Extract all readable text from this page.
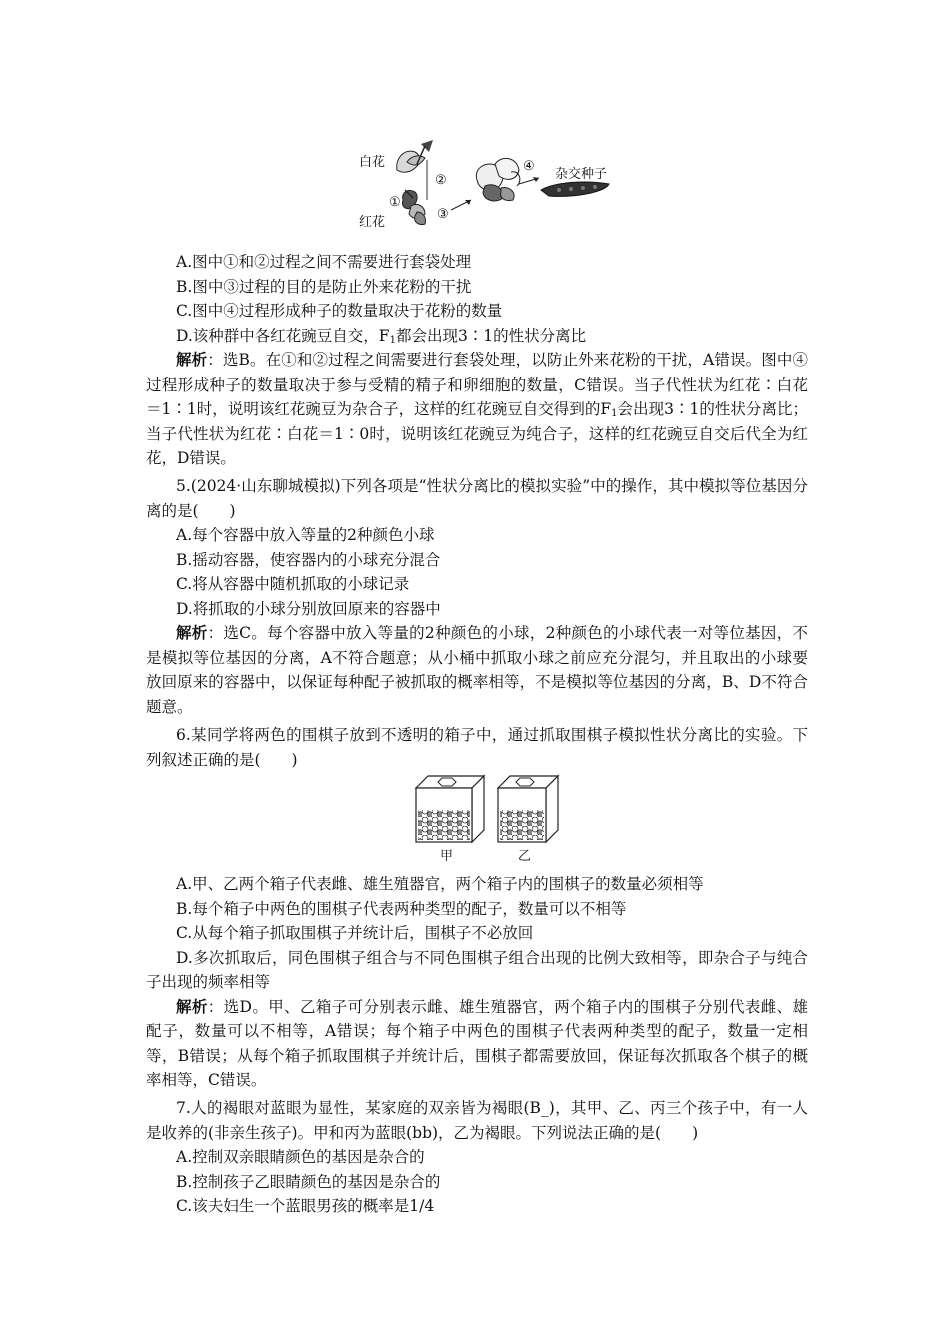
白花
红花
②
①
③
④
杂交种子

A.图中①和②过程之间不需要进行套袋处理

B.图中③过程的目的是防止外来花粉的干扰

C.图中④过程形成种子的数量取决于花粉的数量

D.该种群中各红花豌豆自交，$F_1$都会出现3∶1的性状分离比

解析：选B。在①和②过程之间需要进行套袋处理，以防止外来花粉的干扰，A错误。图中④过程形成种子的数量取决于参与受精的精子和卵细胞的数量，C错误。当子代性状为红花∶白花＝1∶1时，说明该红花豌豆为杂合子，这样的红花豌豆自交得到的$F_1$会出现3∶1的性状分离比；当子代性状为红花∶白花＝1∶0时，说明该红花豌豆为纯合子，这样的红花豌豆自交后代全为红花，D错误。

5.(2024·山东聊城模拟)下列各项是“性状分离比的模拟实验”中的操作，其中模拟等位基因分离的是(　　)

A.每个容器中放入等量的2种颜色小球

B.摇动容器，使容器内的小球充分混合

C.将从容器中随机抓取的小球记录

D.将抓取的小球分别放回原来的容器中

解析：选C。每个容器中放入等量的2种颜色的小球，2种颜色的小球代表一对等位基因，不是模拟等位基因的分离，A不符合题意；从小桶中抓取小球之前应充分混匀，并且取出的小球要放回原来的容器中，以保证每种配子被抓取的概率相等，不是模拟等位基因的分离，B、D不符合题意。

6.某同学将两色的围棋子放到不透明的箱子中，通过抓取围棋子模拟性状分离比的实验。下列叙述正确的是(　　)

甲	乙

A.甲、乙两个箱子代表雌、雄生殖器官，两个箱子内的围棋子的数量必须相等

B.每个箱子中两色的围棋子代表两种类型的配子，数量可以不相等

C.从每个箱子抓取围棋子并统计后，围棋子不必放回

D.多次抓取后，同色围棋子组合与不同色围棋子组合出现的比例大致相等，即杂合子与纯合子出现的频率相等

解析：选D。甲、乙箱子可分别表示雌、雄生殖器官，两个箱子内的围棋子分别代表雌、雄配子，数量可以不相等，A错误；每个箱子中两色的围棋子代表两种类型的配子，数量一定相等，B错误；从每个箱子抓取围棋子并统计后，围棋子都需要放回，保证每次抓取各个棋子的概率相等，C错误。

7.人的褐眼对蓝眼为显性，某家庭的双亲皆为褐眼(B_)，其甲、乙、丙三个孩子中，有一人是收养的(非亲生孩子)。甲和丙为蓝眼(bb)，乙为褐眼。下列说法正确的是(　　)

A.控制双亲眼睛颜色的基因是杂合的

B.控制孩子乙眼睛颜色的基因是杂合的

C.该夫妇生一个蓝眼男孩的概率是1/4
